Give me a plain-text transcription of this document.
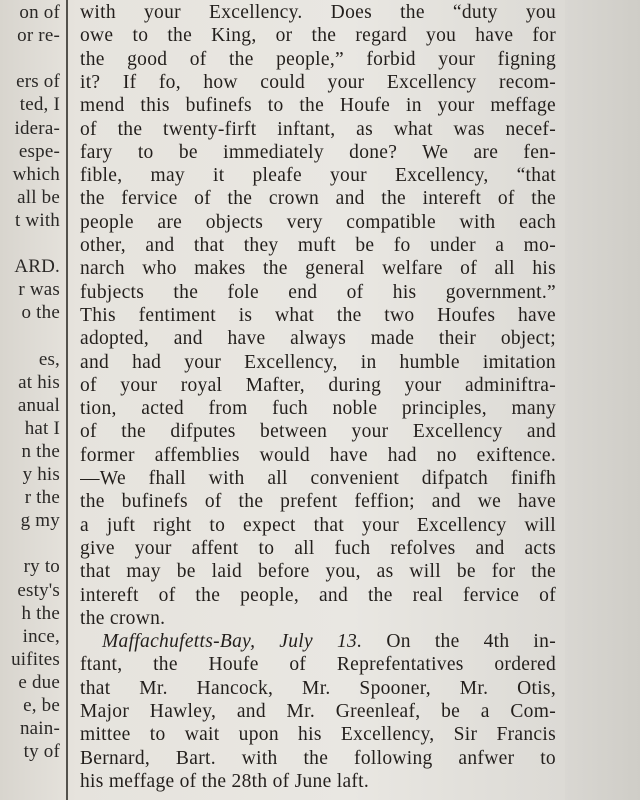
on of
or re-
ers of
ted, I
idera-
espe-
which
all be
t with
ARD.
r was
o the
es,
at his
anual
hat I
n the
y his
r the
g my
ry to
esty's
h the
ince,
uifites
e due
e, be
nain-
ty of
with your Excellency. Does the “duty you
owe to the King, or the regard you have for
the good of the people,” forbid your figning
it? If fo, how could your Excellency recom-
mend this bufinefs to the Houfe in your meffage
of the twenty-firft inftant, as what was necef-
fary to be immediately done? We are fen-
fible, may it pleafe your Excellency, “that
the fervice of the crown and the intereft of the
people are objects very compatible with each
other, and that they muft be fo under a mo-
narch who makes the general welfare of all his
fubjects the fole end of his government.”
This fentiment is what the two Houfes have
adopted, and have always made their object;
and had your Excellency, in humble imitation
of your royal Mafter, during your adminiftra-
tion, acted from fuch noble principles, many
of the difputes between your Excellency and
former affemblies would have had no exiftence.
—We fhall with all convenient difpatch finifh
the bufinefs of the prefent feffion; and we have
a juft right to expect that your Excellency will
give your affent to all fuch refolves and acts
that may be laid before you, as will be for the
intereft of the people, and the real fervice of
the crown.
Maffachufetts-Bay, July 13. On the 4th in-
ftant, the Houfe of Reprefentatives ordered
that Mr. Hancock, Mr. Spooner, Mr. Otis,
Major Hawley, and Mr. Greenleaf, be a Com-
mittee to wait upon his Excellency, Sir Francis
Bernard, Bart. with the following anfwer to
his meffage of the 28th of June laft.
